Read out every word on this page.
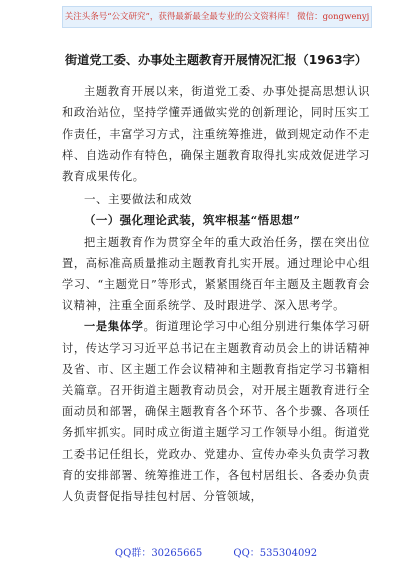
关注头条号“公文研究”，获得最新最全最专业的公文资料库！ 微信：gongwenyj
街道党工委、办事处主题教育开展情况汇报（1963字）

主题教育开展以来，街道党工委、办事处提高思想认识和政治站位，坚持学懂弄通做实党的创新理论，同时压实工作责任，丰富学习方式，注重统筹推进，做到规定动作不走样、自选动作有特色，确保主题教育取得扎实成效促进学习教育成果传化。

一、主要做法和成效
（一）强化理论武装，筑牢根基“悟思想”

把主题教育作为贯穿全年的重大政治任务，摆在突出位置，高标准高质量推动主题教育扎实开展。通过理论中心组学习、“主题党日”等形式，紧紧围绕百年主题及主题教育会议精神，注重全面系统学、及时跟进学、深入思考学。

一是集体学。街道理论学习中心组分别进行集体学习研讨，传达学习习近平总书记在主题教育动员会上的讲话精神及省、市、区主题工作会议精神和主题教育指定学习书籍相关篇章。召开街道主题教育动员会，对开展主题教育进行全面动员和部署，确保主题教育各个环节、各个步骤、各项任务抓牢抓实。同时成立街道主题学习工作领导小组。街道党工委书记任组长，党政办、党建办、宣传办牵头负责学习教育的安排部署、统筹推进工作，各包村居组长、各委办负责人负责督促指导挂包村居、分管领域，

QQ群：30265665	QQ：535304092
